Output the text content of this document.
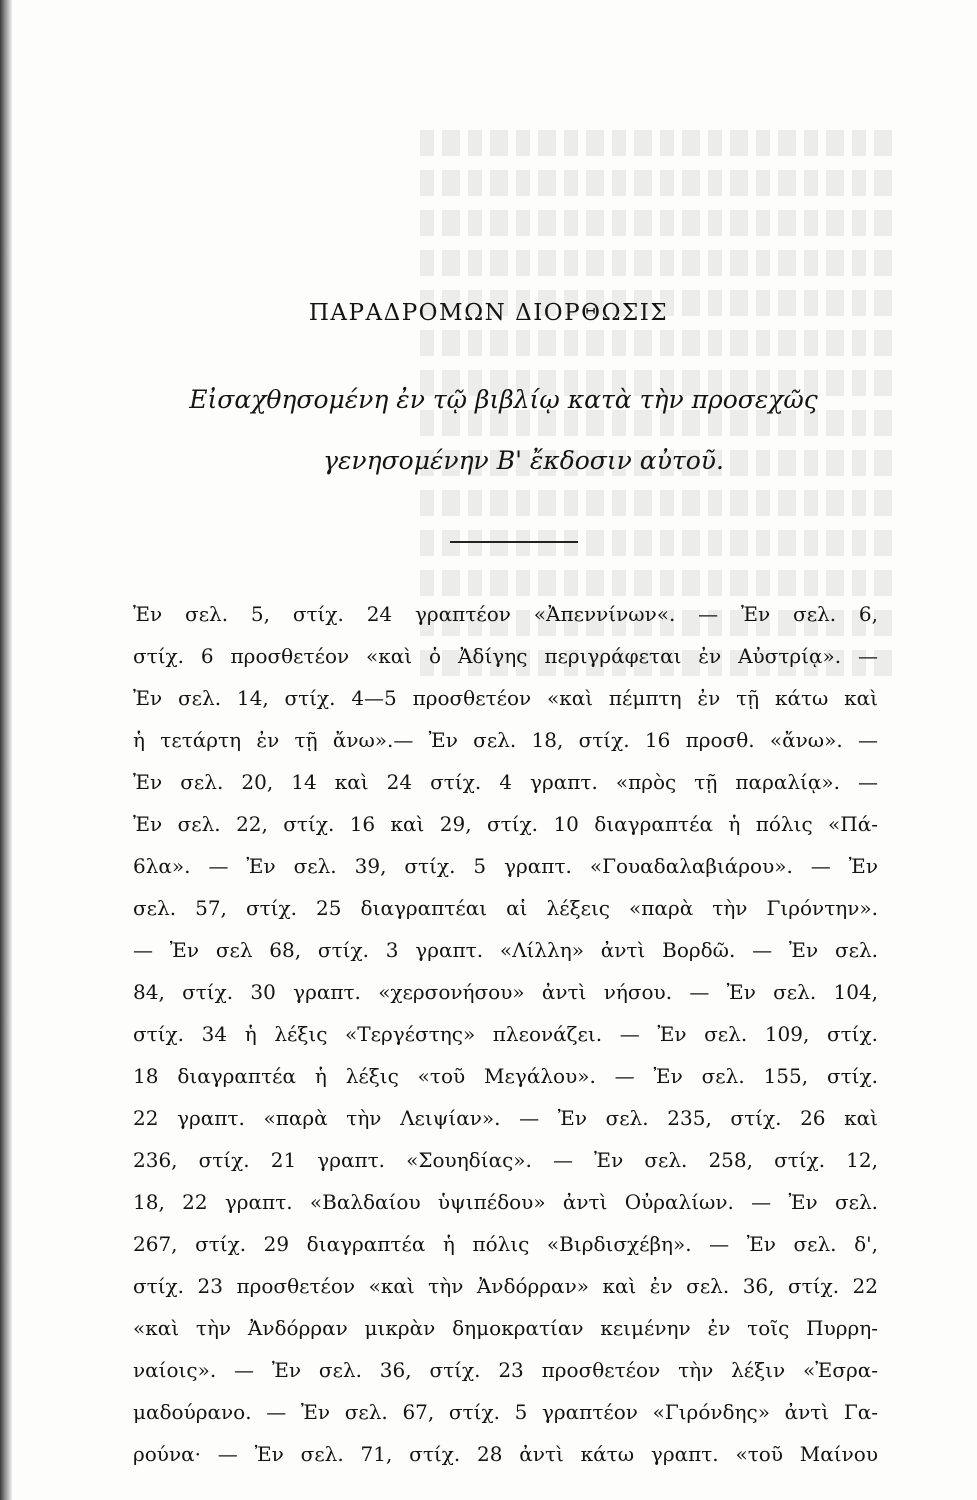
ΠΑΡΑΔΡΟΜΩΝ ΔΙΟΡΘΩΣΙΣ
Εἰσαχθησομένη ἐν τῷ βιβλίῳ κατὰ τὴν προσεχῶς
γενησομένην Β' ἔκδοσιν αὐτοῦ.
Ἐν σελ. 5, στίχ. 24 γραπτέον «Ἀπεννίνων«. — Ἐν σελ. 6,
στίχ. 6 προσθετέον «καὶ ὁ Ἀδίγης περιγράφεται ἐν Αὐστρίᾳ». —
Ἐν σελ. 14, στίχ. 4—5 προσθετέον «καὶ πέμπτη ἐν τῇ κάτω καὶ
ἡ τετάρτη ἐν τῇ ἄνω».— Ἐν σελ. 18, στίχ. 16 προσθ. «ἄνω». —
Ἐν σελ. 20, 14 καὶ 24 στίχ. 4 γραπτ. «πρὸς τῇ παραλίᾳ». —
Ἐν σελ. 22, στίχ. 16 καὶ 29, στίχ. 10 διαγραπτέα ἡ πόλις «Πά-
6λα». — Ἐν σελ. 39, στίχ. 5 γραπτ. «Γουαδαλαβιάρου». — Ἐν
σελ. 57, στίχ. 25 διαγραπτέαι αἱ λέξεις «παρὰ τὴν Γιρόντην».
— Ἐν σελ 68, στίχ. 3 γραπτ. «Λίλλη» ἀντὶ Βορδῶ. — Ἐν σελ.
84, στίχ. 30 γραπτ. «χερσονήσου» ἀντὶ νήσου. — Ἐν σελ. 104,
στίχ. 34 ἡ λέξις «Τεργέστης» πλεονάζει. — Ἐν σελ. 109, στίχ.
18 διαγραπτέα ἡ λέξις «τοῦ Μεγάλου». — Ἐν σελ. 155, στίχ.
22 γραπτ. «παρὰ τὴν Λειψίαν». — Ἐν σελ. 235, στίχ. 26 καὶ
236, στίχ. 21 γραπτ. «Σουηδίας». — Ἐν σελ. 258, στίχ. 12,
18, 22 γραπτ. «Βαλδαίου ὑψιπέδου» ἀντὶ Οὐραλίων. — Ἐν σελ.
267, στίχ. 29 διαγραπτέα ἡ πόλις «Βιρδισχέβη». — Ἐν σελ. δ',
στίχ. 23 προσθετέον «καὶ τὴν Ἀνδόρραν» καὶ ἐν σελ. 36, στίχ. 22
«καὶ τὴν Ἀνδόρραν μικρὰν δημοκρατίαν κειμένην ἐν τοῖς Πυρρη-
ναίοις». — Ἐν σελ. 36, στίχ. 23 προσθετέον τὴν λέξιν «Ἐσρα-
μαδούρανο. — Ἐν σελ. 67, στίχ. 5 γραπτέον «Γιρόνδης» ἀντὶ Γα-
ρούνα· — Ἐν σελ. 71, στίχ. 28 ἀντὶ κάτω γραπτ. «τοῦ Μαίνου
